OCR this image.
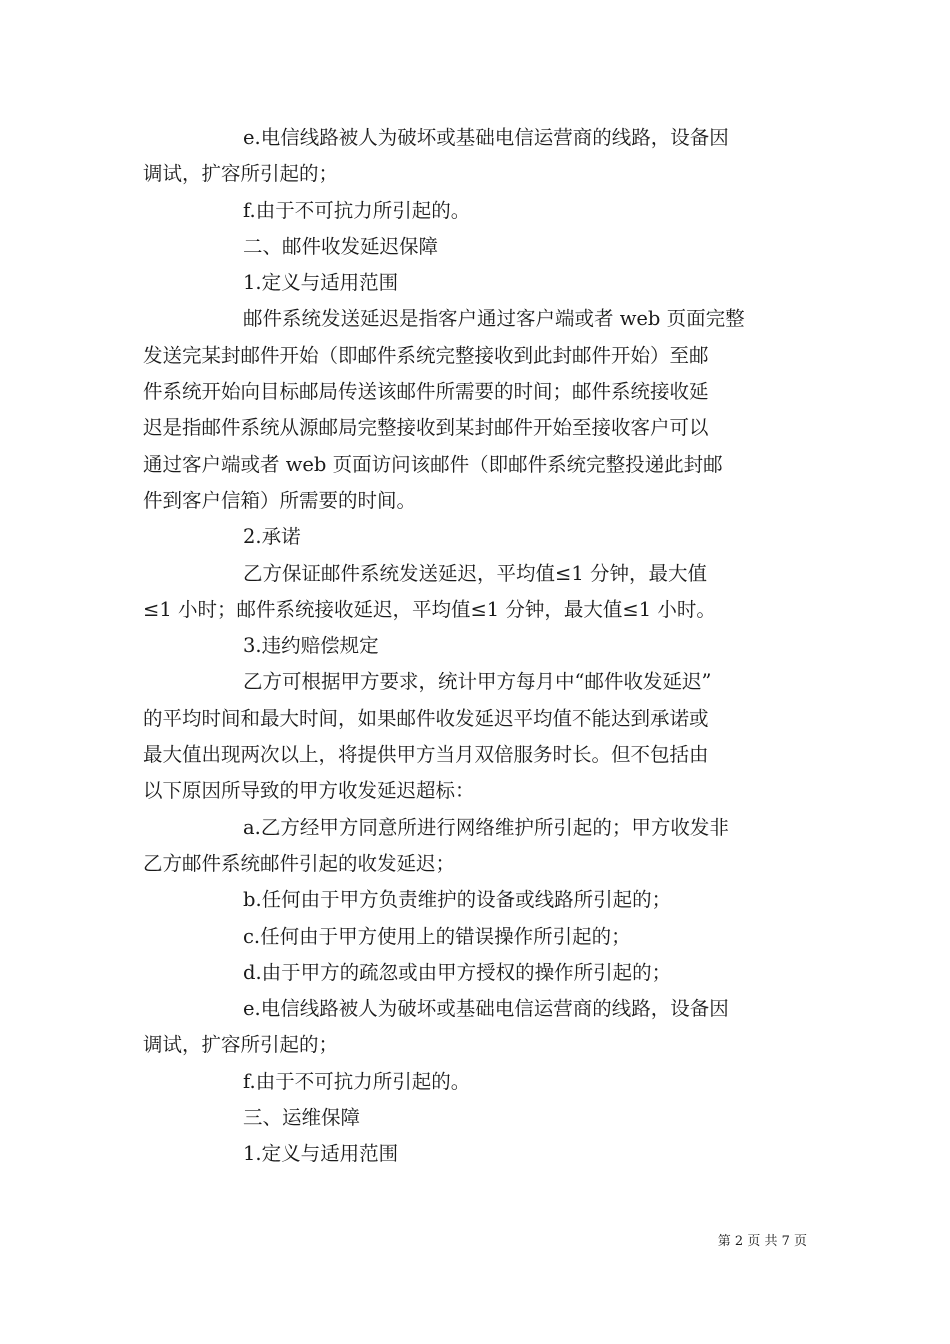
e.电信线路被人为破坏或基础电信运营商的线路，设备因

调试，扩容所引起的；

f.由于不可抗力所引起的。

二、邮件收发延迟保障

1.定义与适用范围

邮件系统发送延迟是指客户通过客户端或者 web 页面完整

发送完某封邮件开始（即邮件系统完整接收到此封邮件开始）至邮

件系统开始向目标邮局传送该邮件所需要的时间；邮件系统接收延

迟是指邮件系统从源邮局完整接收到某封邮件开始至接收客户可以

通过客户端或者 web 页面访问该邮件（即邮件系统完整投递此封邮

件到客户信箱）所需要的时间。

2.承诺

乙方保证邮件系统发送延迟，平均值≤1 分钟，最大值

≤1 小时；邮件系统接收延迟，平均值≤1 分钟，最大值≤1 小时。

3.违约赔偿规定

乙方可根据甲方要求，统计甲方每月中“邮件收发延迟”

的平均时间和最大时间，如果邮件收发延迟平均值不能达到承诺或

最大值出现两次以上，将提供甲方当月双倍服务时长。但不包括由

以下原因所导致的甲方收发延迟超标：

a.乙方经甲方同意所进行网络维护所引起的；甲方收发非

乙方邮件系统邮件引起的收发延迟；

b.任何由于甲方负责维护的设备或线路所引起的；

c.任何由于甲方使用上的错误操作所引起的；

d.由于甲方的疏忽或由甲方授权的操作所引起的；

e.电信线路被人为破坏或基础电信运营商的线路，设备因

调试，扩容所引起的；

f.由于不可抗力所引起的。

三、运维保障

1.定义与适用范围

第 2 页 共 7 页
